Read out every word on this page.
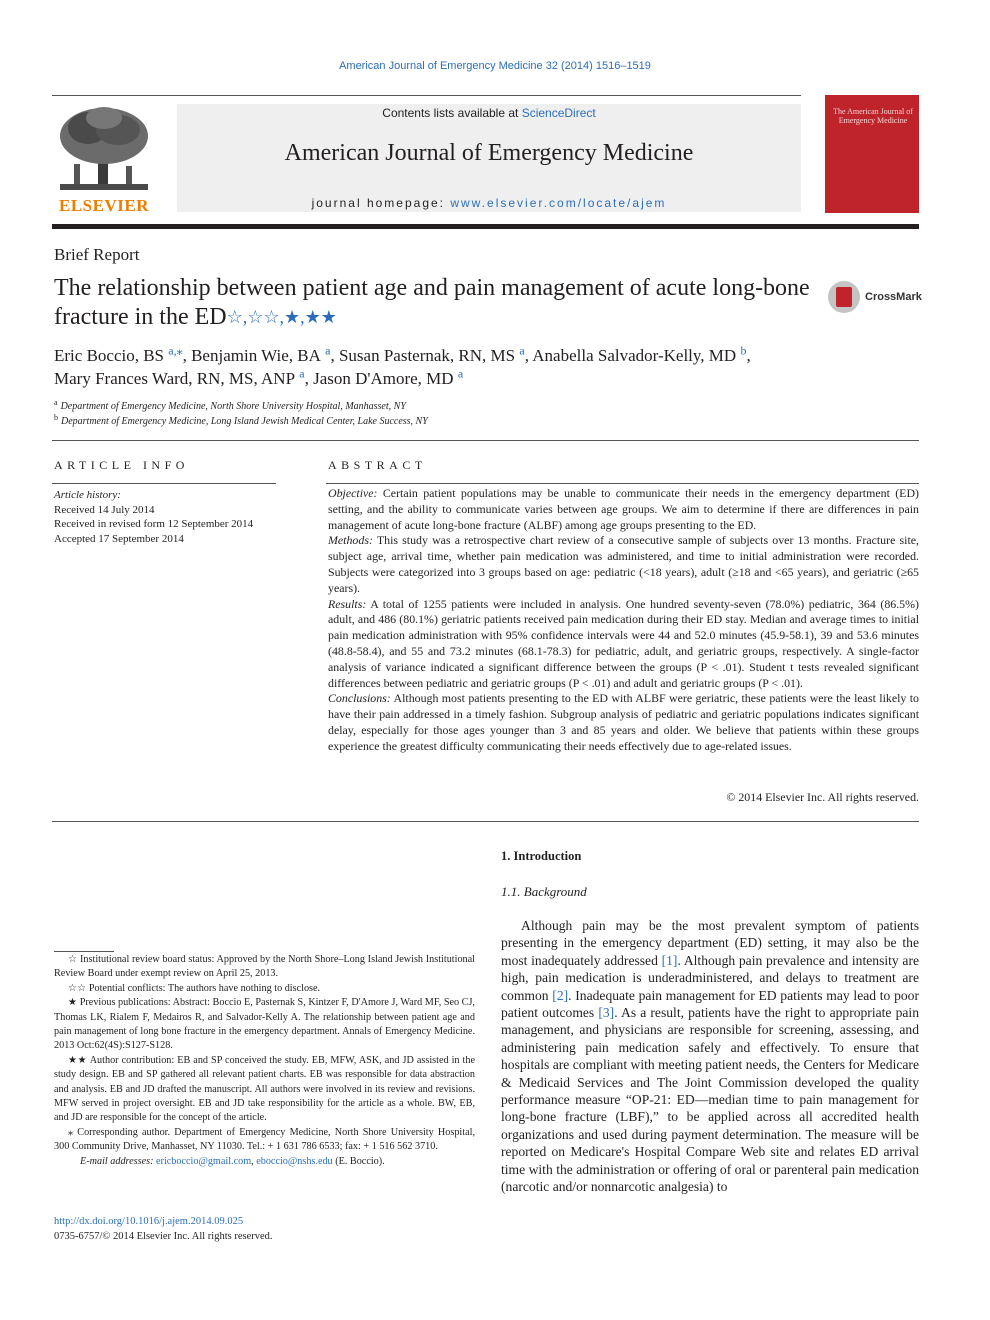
American Journal of Emergency Medicine 32 (2014) 1516–1519
ELSEVIER
Contents lists available at ScienceDirect
American Journal of Emergency Medicine
journal homepage: www.elsevier.com/locate/ajem
The American Journal of Emergency Medicine
Brief Report
The relationship between patient age and pain management of acute long-bone fracture in the ED☆,☆☆,★,★★
CrossMark
Eric Boccio, BS $^{a,⁎}$, Benjamin Wie, BA $^a$, Susan Pasternak, RN, MS $^a$, Anabella Salvador-Kelly, MD $^b$,
Mary Frances Ward, RN, MS, ANP $^a$, Jason D'Amore, MD $^a$
$^a$ Department of Emergency Medicine, North Shore University Hospital, Manhasset, NY
$^b$ Department of Emergency Medicine, Long Island Jewish Medical Center, Lake Success, NY
ARTICLE INFO
Article history:
Received 14 July 2014
Received in revised form 12 September 2014
Accepted 17 September 2014
ABSTRACT

Objective: Certain patient populations may be unable to communicate their needs in the emergency department (ED) setting, and the ability to communicate varies between age groups. We aim to determine if there are differences in pain management of acute long-bone fracture (ALBF) among age groups presenting to the ED.

Methods: This study was a retrospective chart review of a consecutive sample of subjects over 13 months. Fracture site, subject age, arrival time, whether pain medication was administered, and time to initial administration were recorded. Subjects were categorized into 3 groups based on age: pediatric (<18 years), adult (≥18 and <65 years), and geriatric (≥65 years).

Results: A total of 1255 patients were included in analysis. One hundred seventy-seven (78.0%) pediatric, 364 (86.5%) adult, and 486 (80.1%) geriatric patients received pain medication during their ED stay. Median and average times to initial pain medication administration with 95% confidence intervals were 44 and 52.0 minutes (45.9-58.1), 39 and 53.6 minutes (48.8-58.4), and 55 and 73.2 minutes (68.1-78.3) for pediatric, adult, and geriatric groups, respectively. A single-factor analysis of variance indicated a significant difference between the groups (P < .01). Student t tests revealed significant differences between pediatric and geriatric groups (P < .01) and adult and geriatric groups (P < .01).

Conclusions: Although most patients presenting to the ED with ALBF were geriatric, these patients were the least likely to have their pain addressed in a timely fashion. Subgroup analysis of pediatric and geriatric populations indicates significant delay, especially for those ages younger than 3 and 85 years and older. We believe that patients within these groups experience the greatest difficulty communicating their needs effectively due to age-related issues.

© 2014 Elsevier Inc. All rights reserved.
1. Introduction
1.1. Background
Although pain may be the most prevalent symptom of patients presenting in the emergency department (ED) setting, it may also be the most inadequately addressed [1]. Although pain prevalence and intensity are high, pain medication is underadministered, and delays to treatment are common [2]. Inadequate pain management for ED patients may lead to poor patient outcomes [3]. As a result, patients have the right to appropriate pain management, and physicians are responsible for screening, assessing, and administering pain medication safely and effectively. To ensure that hospitals are compliant with meeting patient needs, the Centers for Medicare & Medicaid Services and The Joint Commission developed the quality performance measure “OP-21: ED—median time to pain management for long-bone fracture (LBF),” to be applied across all accredited health organizations and used during payment determination. The measure will be reported on Medicare's Hospital Compare Web site and relates ED arrival time with the administration or offering of oral or parenteral pain medication (narcotic and/or nonnarcotic analgesia) to

☆ Institutional review board status: Approved by the North Shore–Long Island Jewish Institutional Review Board under exempt review on April 25, 2013.

☆☆ Potential conflicts: The authors have nothing to disclose.

★ Previous publications: Abstract: Boccio E, Pasternak S, Kintzer F, D'Amore J, Ward MF, Seo CJ, Thomas LK, Rialem F, Medairos R, and Salvador-Kelly A. The relationship between patient age and pain management of long bone fracture in the emergency department. Annals of Emergency Medicine. 2013 Oct:62(4S):S127-S128.

★★ Author contribution: EB and SP conceived the study. EB, MFW, ASK, and JD assisted in the study design. EB and SP gathered all relevant patient charts. EB was responsible for data abstraction and analysis. EB and JD drafted the manuscript. All authors were involved in its review and revisions. MFW served in project oversight. EB and JD take responsibility for the article as a whole. BW, EB, and JD are responsible for the concept of the article.

⁎ Corresponding author. Department of Emergency Medicine, North Shore University Hospital, 300 Community Drive, Manhasset, NY 11030. Tel.: + 1 631 786 6533; fax: + 1 516 562 3710.

E-mail addresses: ericboccio@gmail.com, eboccio@nshs.edu (E. Boccio).

http://dx.doi.org/10.1016/j.ajem.2014.09.025
0735-6757/© 2014 Elsevier Inc. All rights reserved.
